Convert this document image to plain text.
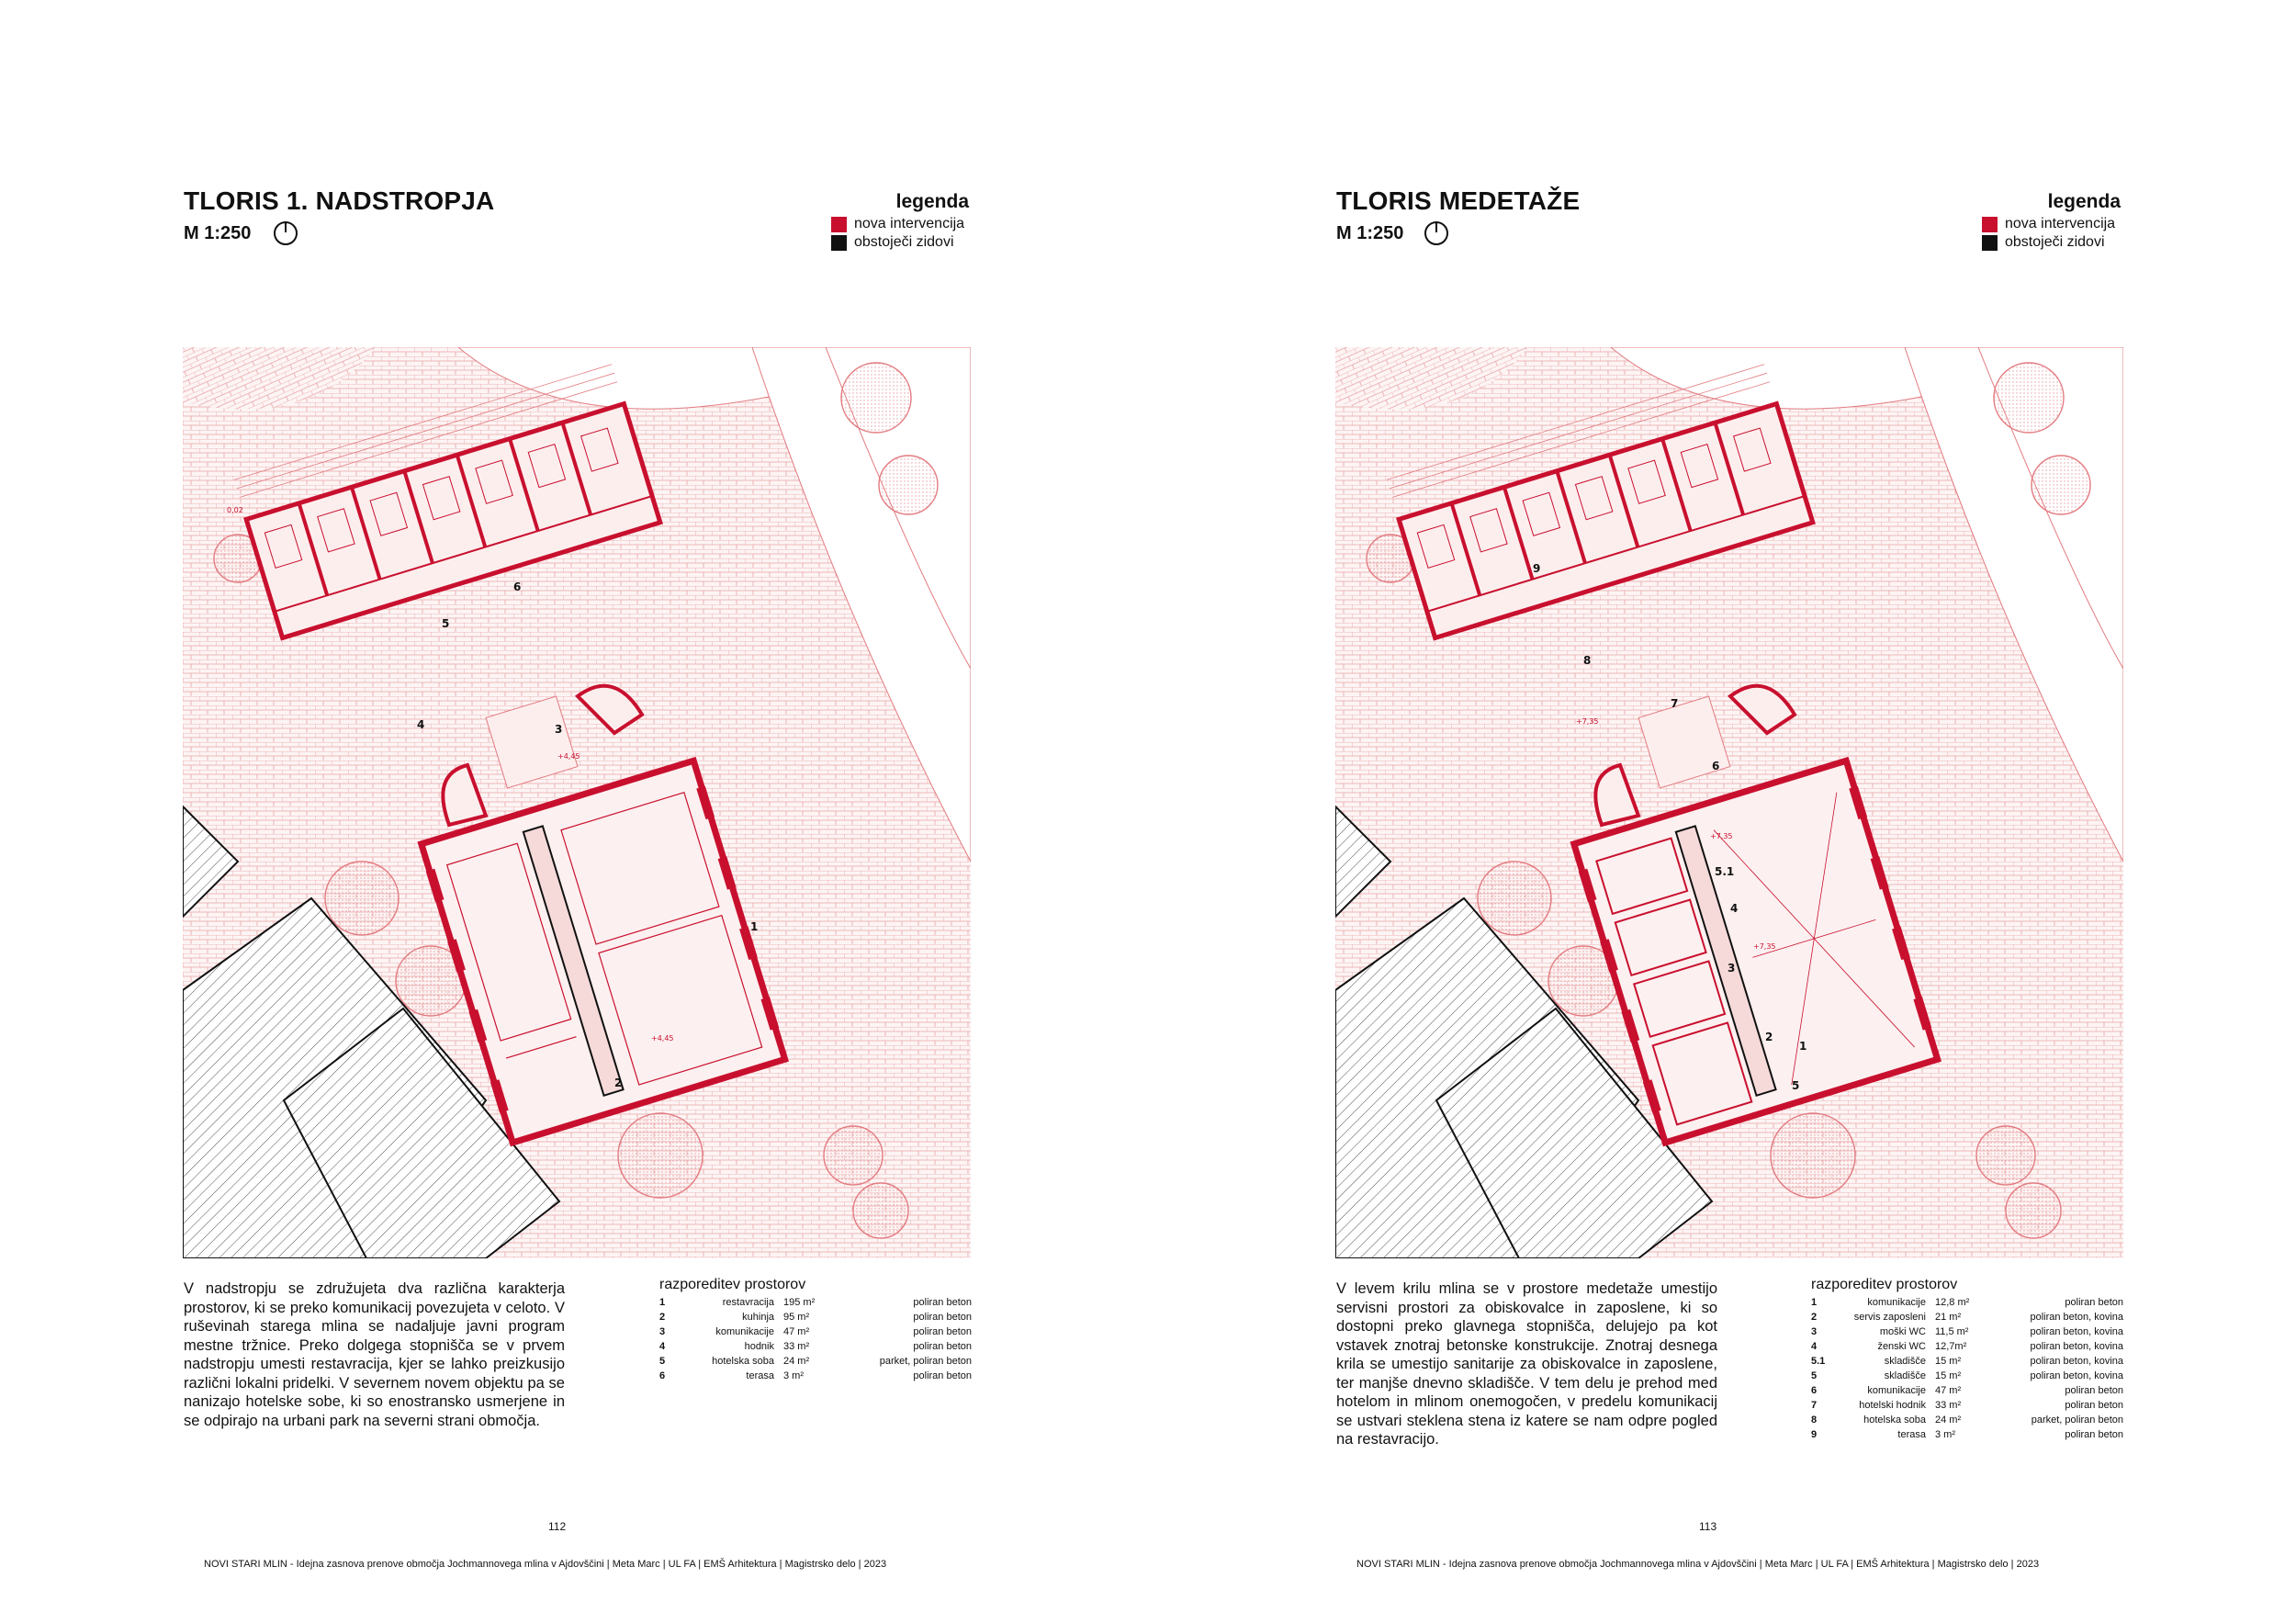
TLORIS 1. NADSTROPJA
M 1:250
legenda
nova intervencija
obstoječi zidovi
1
2
3
4
5
6
0,02
+4,45
+4,45
V nadstropju se združujeta dva različna karakterja prostorov, ki se preko komunikacij povezujeta v celoto. V ruševinah starega mlina se nadaljuje javni program mestne tržnice. Preko dolgega stopnišča se v prvem nadstropju umesti restavracija, kjer se lahko preizkusijo različni lokalni pridelki. V severnem novem objektu pa se nanizajo hotelske sobe, ki so enostransko usmerjene in se odpirajo na urbani park na severni strani območja.
razporeditev prostorov
1	restavracija 195 m²	poliran beton
2	kuhinja 95 m²	poliran beton
3	komunikacije 47 m²	poliran beton
4	hodnik 33 m²	poliran beton
5	hotelska soba 24 m²	parket, poliran beton
6	terasa 3 m²	poliran beton
112
NOVI STARI MLIN - Idejna zasnova prenove območja Jochmannovega mlina v Ajdovščini | Meta Marc | UL FA | EMŠ Arhitektura | Magistrsko delo | 2023
TLORIS MEDETAŽE
M 1:250
legenda
nova intervencija
obstoječi zidovi
1
2
3
4
5
5.1
6
7
8
9
+7,35
+7,35
+7,35
V levem krilu mlina se v prostore medetaže umestijo servisni prostori za obiskovalce in zaposlene, ki so dostopni preko glavnega stopnišča, delujejo pa kot vstavek znotraj betonske konstrukcije. Znotraj desnega krila se umestijo sanitarije za obiskovalce in zaposlene, ter manjše dnevno skladišče. V tem delu je prehod med hotelom in mlinom onemogočen, v predelu komunikacij se ustvari steklena stena iz katere se nam odpre pogled na restavracijo.
razporeditev prostorov
1	komunikacije 12,8 m²	poliran beton
2	servis zaposleni 21 m²	poliran beton, kovina
3	moški WC 11,5 m²	poliran beton, kovina
4	ženski WC 12,7m²	poliran beton, kovina
5.1	skladišče 15 m²	poliran beton, kovina
5	skladišče 15 m²	poliran beton, kovina
6	komunikacije 47 m²	poliran beton
7	hotelski hodnik 33 m²	poliran beton
8	hotelska soba 24 m²	parket, poliran beton
9	terasa 3 m²	poliran beton
113
NOVI STARI MLIN - Idejna zasnova prenove območja Jochmannovega mlina v Ajdovščini | Meta Marc | UL FA | EMŠ Arhitektura | Magistrsko delo | 2023
